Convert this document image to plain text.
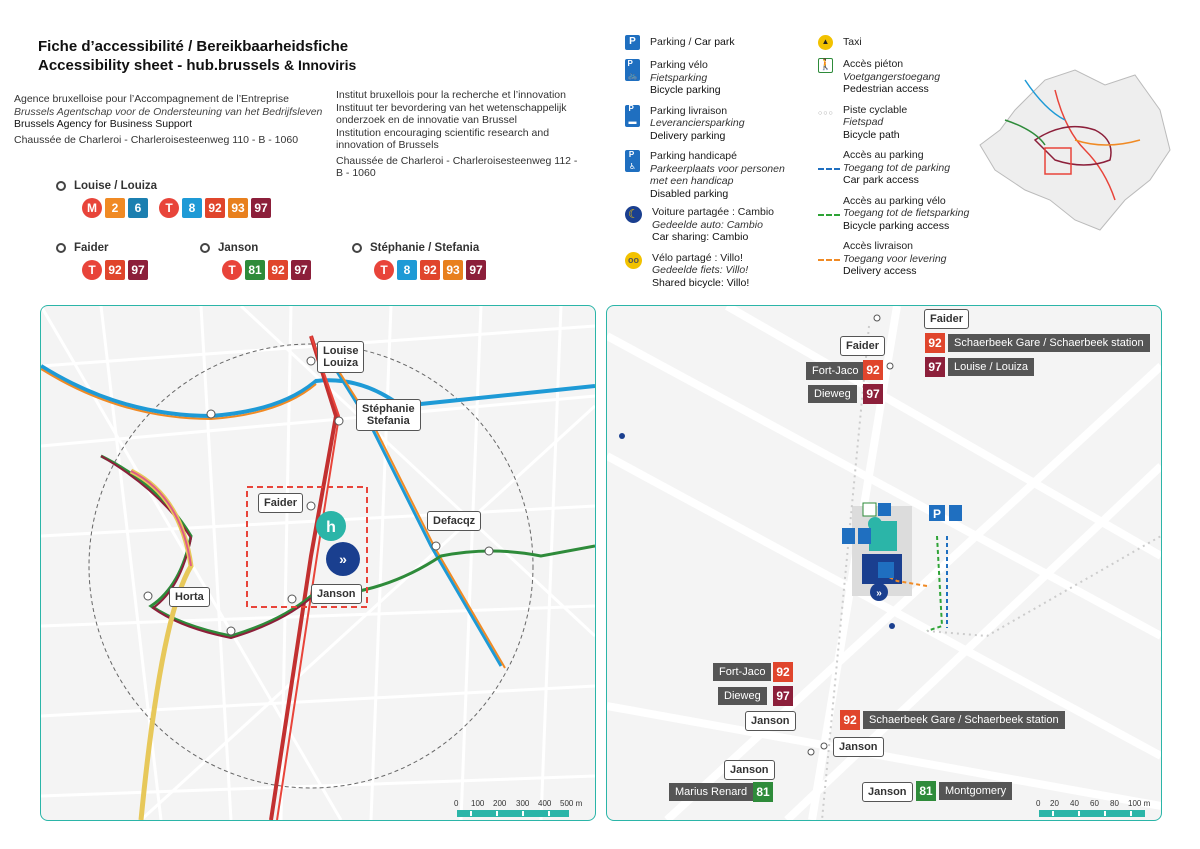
Fiche d’accessibilité / Bereikbaarheidsfiche
Accessibility sheet - hub.brussels & Innoviris
Agence bruxelloise pour l’Accompagnement de l’Entreprise
Brussels Agentschap voor de Ondersteuning van het Bedrijfsleven
Brussels Agency for Business Support
Chaussée de Charleroi - Charleroisesteenweg 110 - B - 1060
Institut bruxellois pour la recherche et l’innovation
Instituut ter bevordering van het wetenschappelijk
onderzoek en de innovatie van Brussel
Institution encouraging scientific research and
innovation of Brussels
Chaussée de Charleroi - Charleroisesteenweg 112 -
B - 1060
Louise / Louiza
M	2	6	T	8	92 93 97
Faider
T	92 97
Janson
T	81 92 97
Stéphanie / Stefania
T	8	92 93 97
P	Parking / Car park
P
🚲
Parking vélo
Fietsparking
Bicycle parking
P
▬
Parking livraison
Leveranciersparking
Delivery parking
P
♿
Parking handicapé
Parkeerplaats voor personen
met een handicap
Disabled parking
☾ Voiture partagée : Cambio
Gedeelde auto: Cambio
Car sharing: Cambio
oo Vélo partagé : Villo!
Gedeelde fiets: Villo!
Shared bicycle: Villo!
▲	Taxi
🚶 Accès piéton
Voetgangerstoegang
Pedestrian access
○○○ Piste cyclable
Fietspad
Bicycle path
Accès au parking
Toegang tot de parking
Car park access
Accès au parking vélo
Toegang tot de fietsparking
Bicycle parking access
Accès livraison
Toegang voor levering
Delivery access
h
»
Louise
Louiza
Stéphanie
Stefania
Faider
Janson
Defacqz
Horta
0 100 200 300 400 500 m
»
P
Faider
92	Schaerbeek Gare / Schaerbeek station
97	Louise / Louiza
Faider
Fort-Jaco 92
Dieweg	97
Fort-Jaco 92
Dieweg	97
Janson	92	Schaerbeek Gare / Schaerbeek station
Janson
Janson
Marius Renard 81	Janson	81	Montgomery
0 20 40 60 80 100 m
